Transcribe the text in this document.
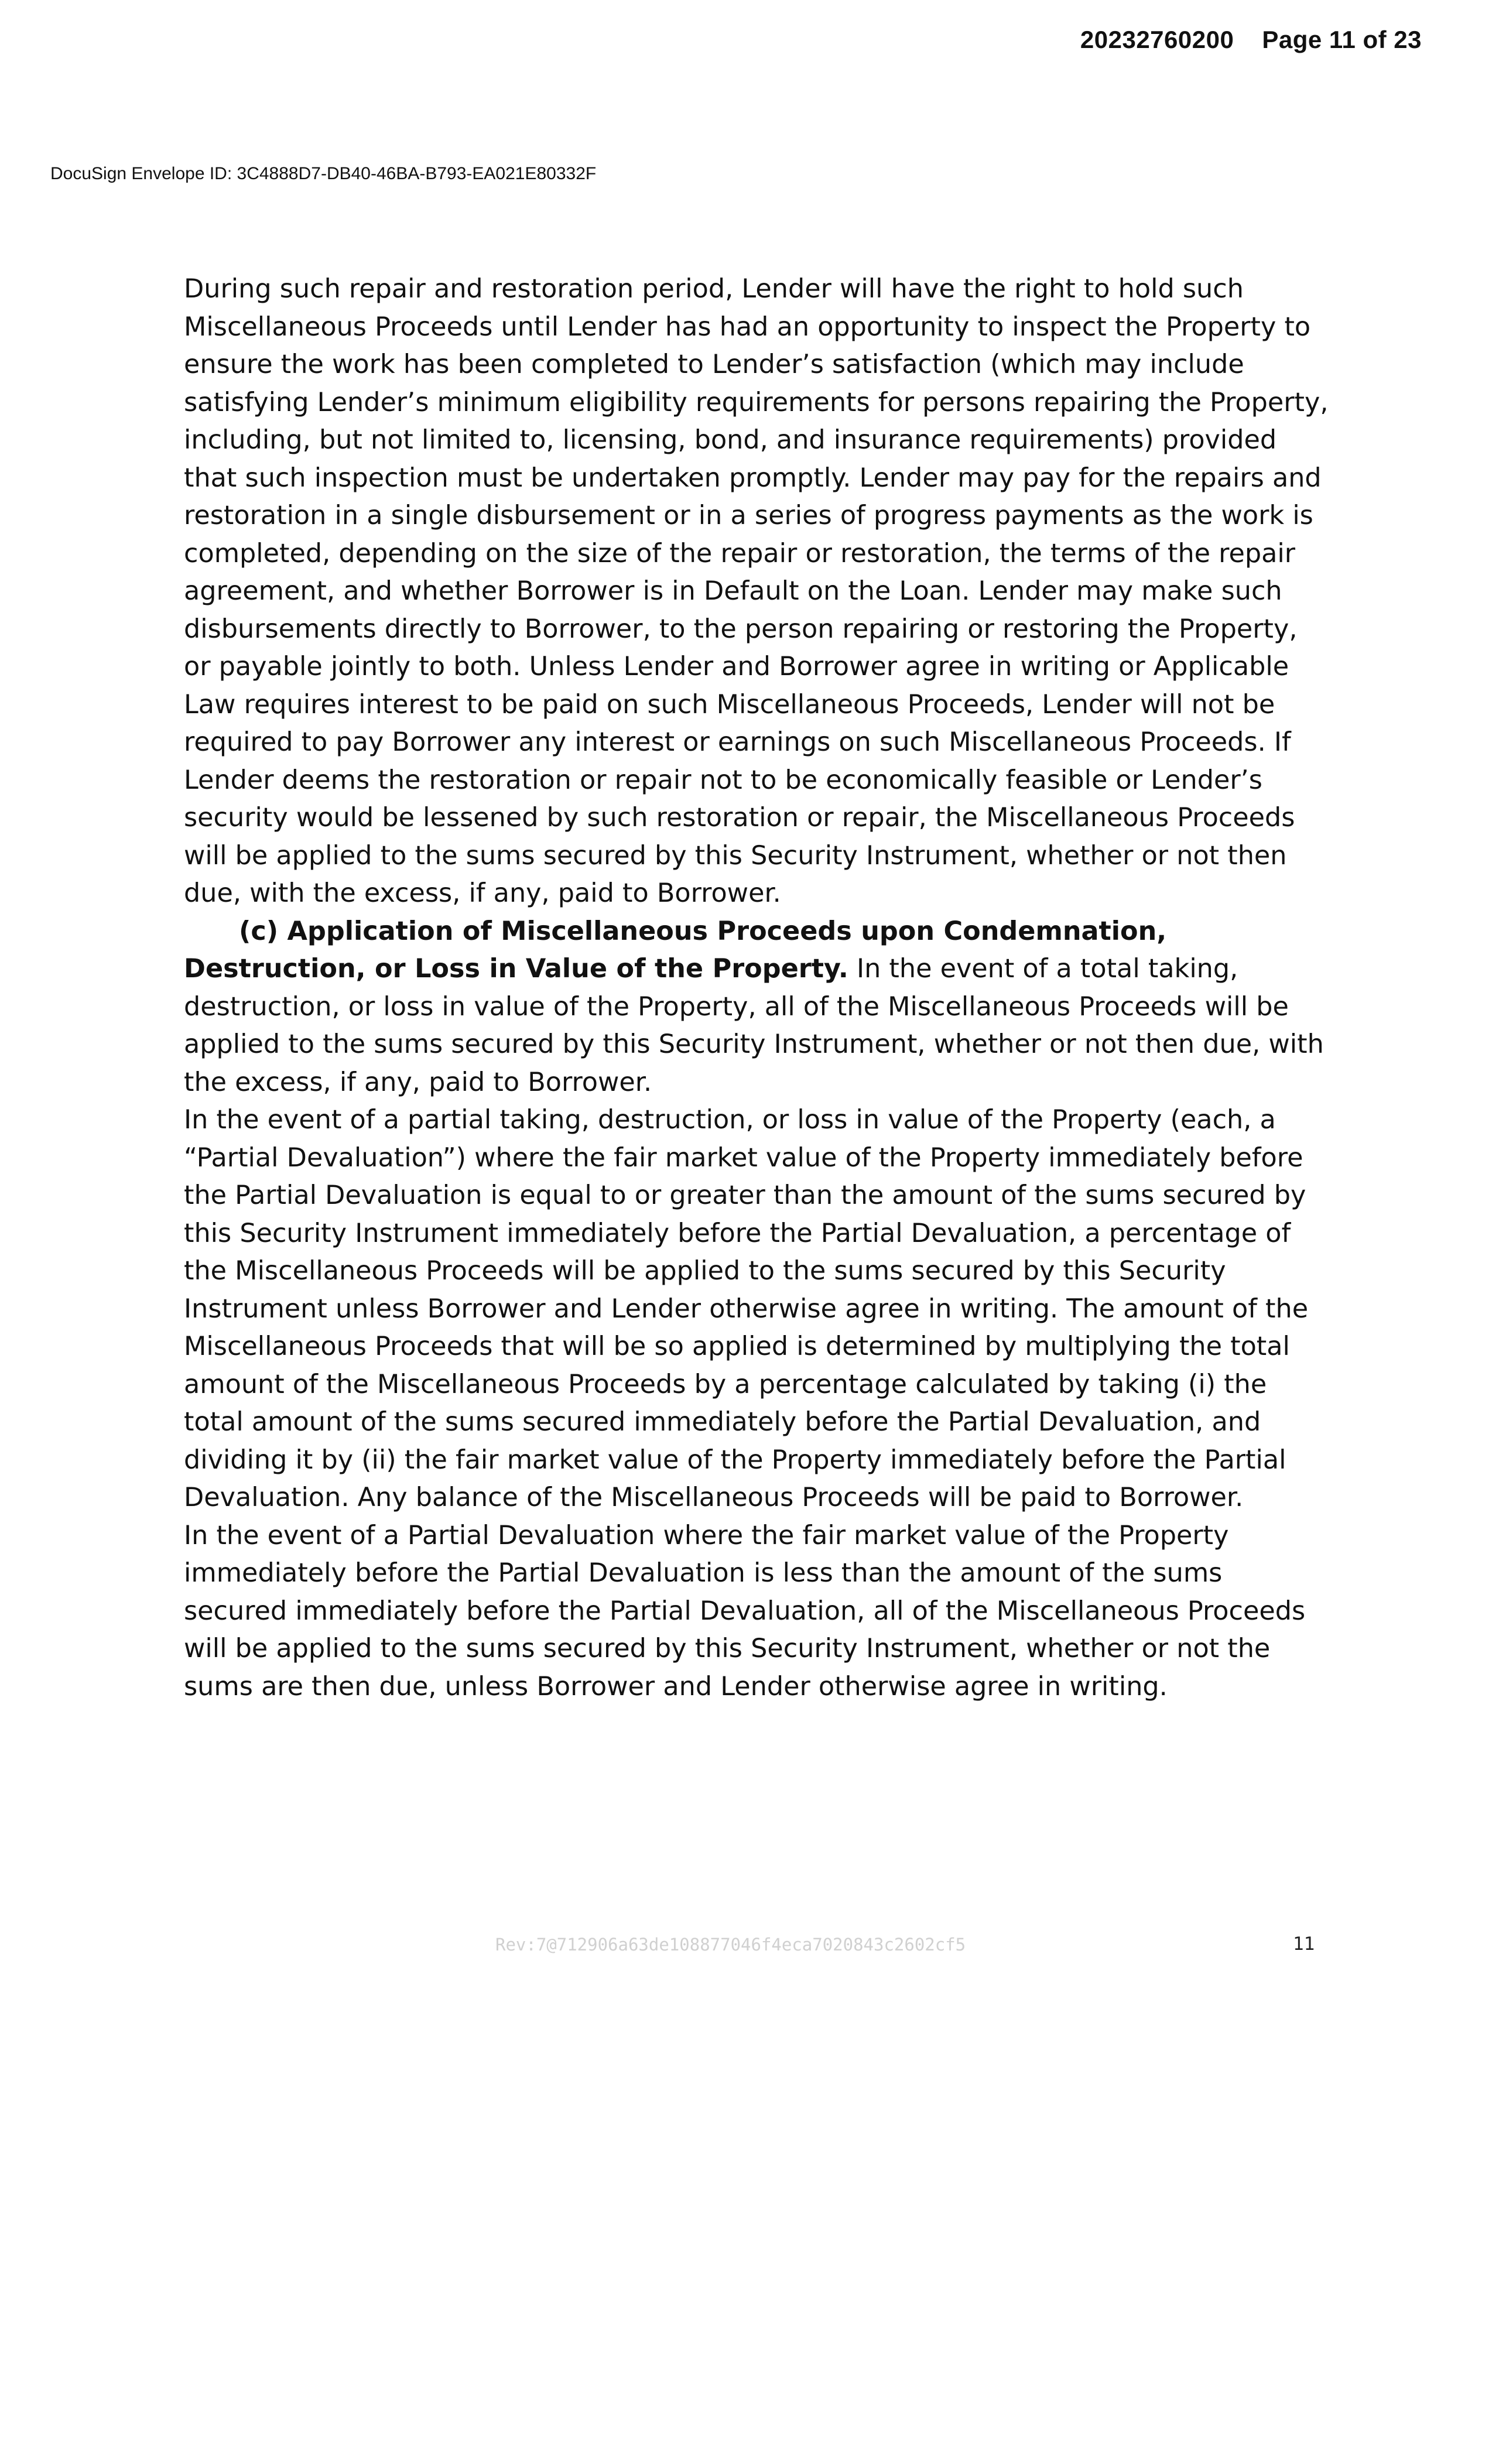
20232760200 Page 11 of 23
DocuSign Envelope ID: 3C4888D7-DB40-46BA-B793-EA021E80332F

During such repair and restoration period, Lender will have the right to hold such Miscellaneous Proceeds until Lender has had an opportunity to inspect the Property to ensure the work has been completed to Lender’s satisfaction (which may include satisfying Lender’s minimum eligibility requirements for persons repairing the Property, including, but not limited to, licensing, bond, and insurance requirements) provided that such inspection must be undertaken promptly. Lender may pay for the repairs and restoration in a single disbursement or in a series of progress payments as the work is completed, depending on the size of the repair or restoration, the terms of the repair agreement, and whether Borrower is in Default on the Loan. Lender may make such disbursements directly to Borrower, to the person repairing or restoring the Property, or payable jointly to both. Unless Lender and Borrower agree in writing or Applicable Law requires interest to be paid on such Miscellaneous Proceeds, Lender will not be required to pay Borrower any interest or earnings on such Miscellaneous Proceeds. If Lender deems the restoration or repair not to be economically feasible or Lender’s security would be lessened by such restoration or repair, the Miscellaneous Proceeds will be applied to the sums secured by this Security Instrument, whether or not then due, with the excess, if any, paid to Borrower.

(c) Application of Miscellaneous Proceeds upon Condemnation, Destruction, or Loss in Value of the Property. In the event of a total taking, destruction, or loss in value of the Property, all of the Miscellaneous Proceeds will be applied to the sums secured by this Security Instrument, whether or not then due, with the excess, if any, paid to Borrower.

In the event of a partial taking, destruction, or loss in value of the Property (each, a “Partial Devaluation”) where the fair market value of the Property immediately before the Partial Devaluation is equal to or greater than the amount of the sums secured by this Security Instrument immediately before the Partial Devaluation, a percentage of the Miscellaneous Proceeds will be applied to the sums secured by this Security Instrument unless Borrower and Lender otherwise agree in writing. The amount of the Miscellaneous Proceeds that will be so applied is determined by multiplying the total amount of the Miscellaneous Proceeds by a percentage calculated by taking (i) the total amount of the sums secured immediately before the Partial Devaluation, and dividing it by (ii) the fair market value of the Property immediately before the Partial Devaluation. Any balance of the Miscellaneous Proceeds will be paid to Borrower.

In the event of a Partial Devaluation where the fair market value of the Property immediately before the Partial Devaluation is less than the amount of the sums secured immediately before the Partial Devaluation, all of the Miscellaneous Proceeds will be applied to the sums secured by this Security Instrument, whether or not the sums are then due, unless Borrower and Lender otherwise agree in writing.

Rev:7@712906a63de108877046f4eca7020843c2602cf5	11
